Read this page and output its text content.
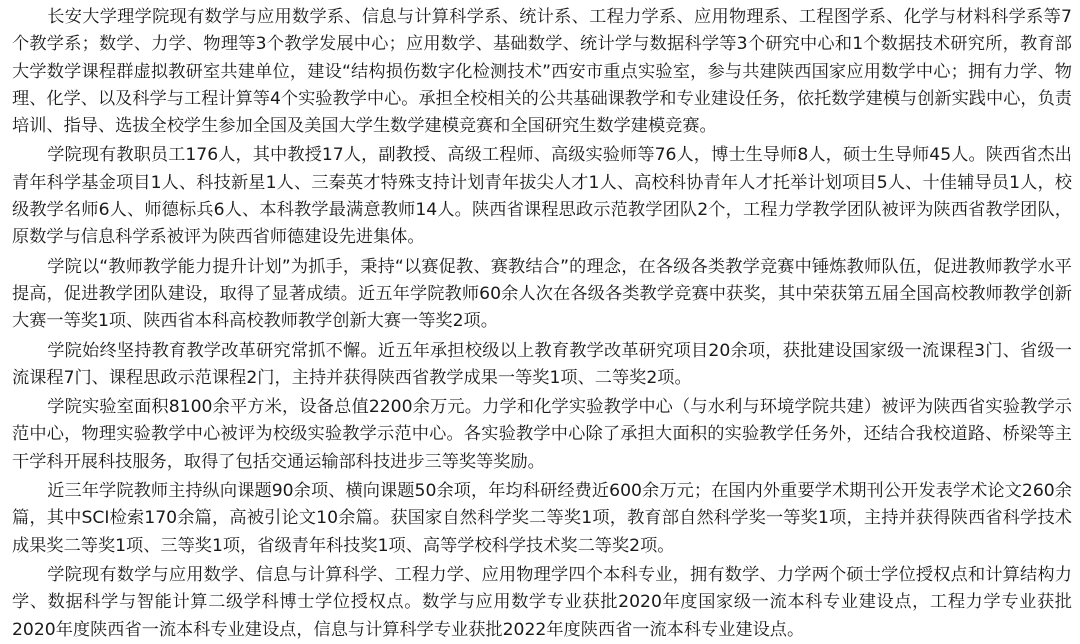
长安大学理学院现有数学与应用数学系、信息与计算科学系、统计系、工程力学系、应用物理系、工程图学系、化学与材料科学系等7个教学系；数学、力学、物理等3个教学发展中心；应用数学、基础数学、统计学与数据科学等3个研究中心和1个数据技术研究所，教育部大学数学课程群虚拟教研室共建单位，建设“结构损伤数字化检测技术”西安市重点实验室，参与共建陕西国家应用数学中心；拥有力学、物理、化学、以及科学与工程计算等4个实验教学中心。承担全校相关的公共基础课教学和专业建设任务，依托数学建模与创新实践中心，负责培训、指导、选拔全校学生参加全国及美国大学生数学建模竞赛和全国研究生数学建模竞赛。

学院现有教职员工176人，其中教授17人，副教授、高级工程师、高级实验师等76人，博士生导师8人，硕士生导师45人。陕西省杰出青年科学基金项目1人、科技新星1人、三秦英才特殊支持计划青年拔尖人才1人、高校科协青年人才托举计划项目5人、十佳辅导员1人，校级教学名师6人、师德标兵6人、本科教学最满意教师14人。陕西省课程思政示范教学团队2个，工程力学教学团队被评为陕西省教学团队，原数学与信息科学系被评为陕西省师德建设先进集体。

学院以“教师教学能力提升计划”为抓手，秉持“以赛促教、赛教结合”的理念，在各级各类教学竞赛中锤炼教师队伍，促进教师教学水平提高，促进教学团队建设，取得了显著成绩。近五年学院教师60余人次在各级各类教学竞赛中获奖，其中荣获第五届全国高校教师教学创新大赛一等奖1项、陕西省本科高校教师教学创新大赛一等奖2项。

学院始终坚持教育教学改革研究常抓不懈。近五年承担校级以上教育教学改革研究项目20余项，获批建设国家级一流课程3门、省级一流课程7门、课程思政示范课程2门，主持并获得陕西省教学成果一等奖1项、二等奖2项。

学院实验室面积8100余平方米，设备总值2200余万元。力学和化学实验教学中心（与水利与环境学院共建）被评为陕西省实验教学示范中心，物理实验教学中心被评为校级实验教学示范中心。各实验教学中心除了承担大面积的实验教学任务外，还结合我校道路、桥梁等主干学科开展科技服务，取得了包括交通运输部科技进步三等奖等奖励。

近三年学院教师主持纵向课题90余项、横向课题50余项，年均科研经费近600余万元；在国内外重要学术期刊公开发表学术论文260余篇，其中SCI检索170余篇，高被引论文10余篇。获国家自然科学奖二等奖1项，教育部自然科学奖一等奖1项，主持并获得陕西省科学技术成果奖二等奖1项、三等奖1项，省级青年科技奖1项、高等学校科学技术奖二等奖2项。

学院现有数学与应用数学、信息与计算科学、工程力学、应用物理学四个本科专业，拥有数学、力学两个硕士学位授权点和计算结构力学、数据科学与智能计算二级学科博士学位授权点。数学与应用数学专业获批2020年度国家级一流本科专业建设点，工程力学专业获批2020年度陕西省一流本科专业建设点，信息与计算科学专业获批2022年度陕西省一流本科专业建设点。
